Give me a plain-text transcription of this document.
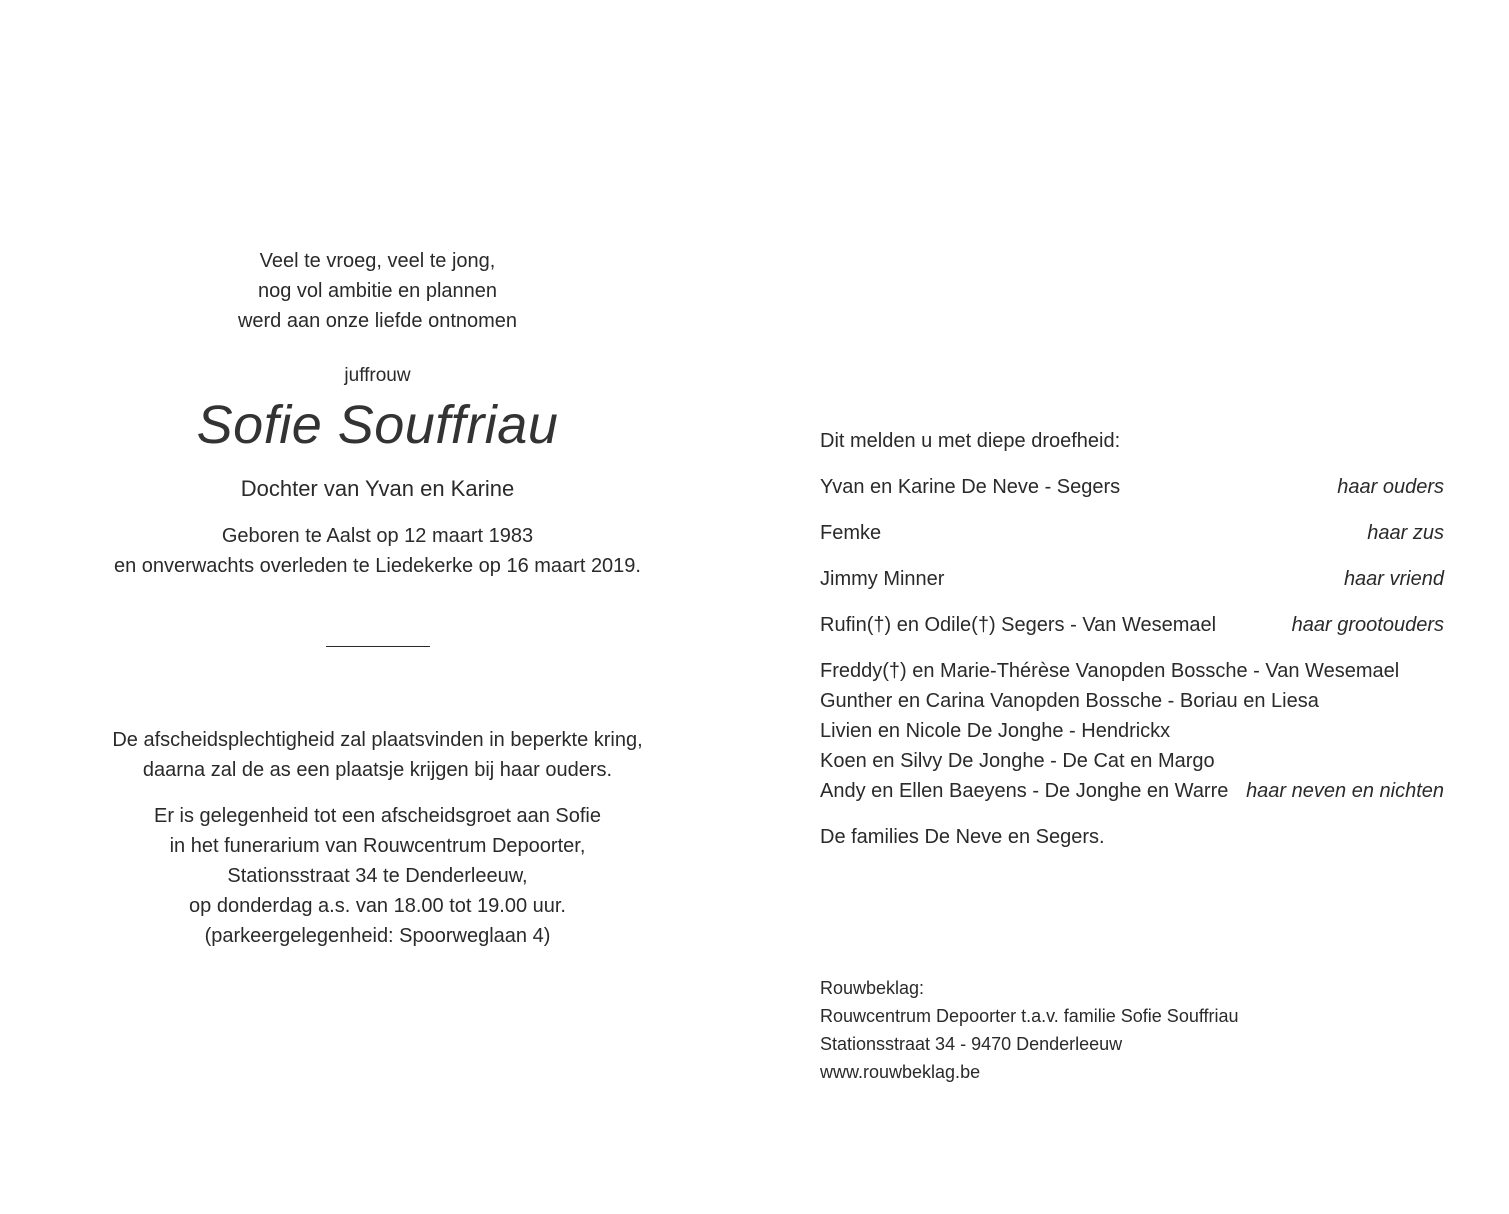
Veel te vroeg, veel te jong,
nog vol ambitie en plannen
werd aan onze liefde ontnomen
juffrouw
Sofie Souffriau
Dochter van Yvan en Karine
Geboren te Aalst op 12 maart 1983
en onverwachts overleden te Liedekerke op 16 maart 2019.
De afscheidsplechtigheid zal plaatsvinden in beperkte kring,
daarna zal de as een plaatsje krijgen bij haar ouders.
Er is gelegenheid tot een afscheidsgroet aan Sofie
in het funerarium van Rouwcentrum Depoorter,
Stationsstraat 34 te Denderleeuw,
op donderdag a.s. van 18.00 tot 19.00 uur.
(parkeergelegenheid: Spoorweglaan 4)
Dit melden u met diepe droefheid:
Yvan en Karine De Neve - Segers	haar ouders
Femke	haar zus
Jimmy Minner	haar vriend
Rufin(†) en Odile(†) Segers - Van Wesemael	haar grootouders
Freddy(†) en Marie-Thérèse Vanopden Bossche - Van Wesemael
Gunther en Carina Vanopden Bossche - Boriau en Liesa
Livien en Nicole De Jonghe - Hendrickx
Koen en Silvy De Jonghe - De Cat en Margo
Andy en Ellen Baeyens - De Jonghe en Warre haar neven en nichten
De families De Neve en Segers.
Rouwbeklag:
Rouwcentrum Depoorter t.a.v. familie Sofie Souffriau
Stationsstraat 34 - 9470 Denderleeuw
www.rouwbeklag.be
